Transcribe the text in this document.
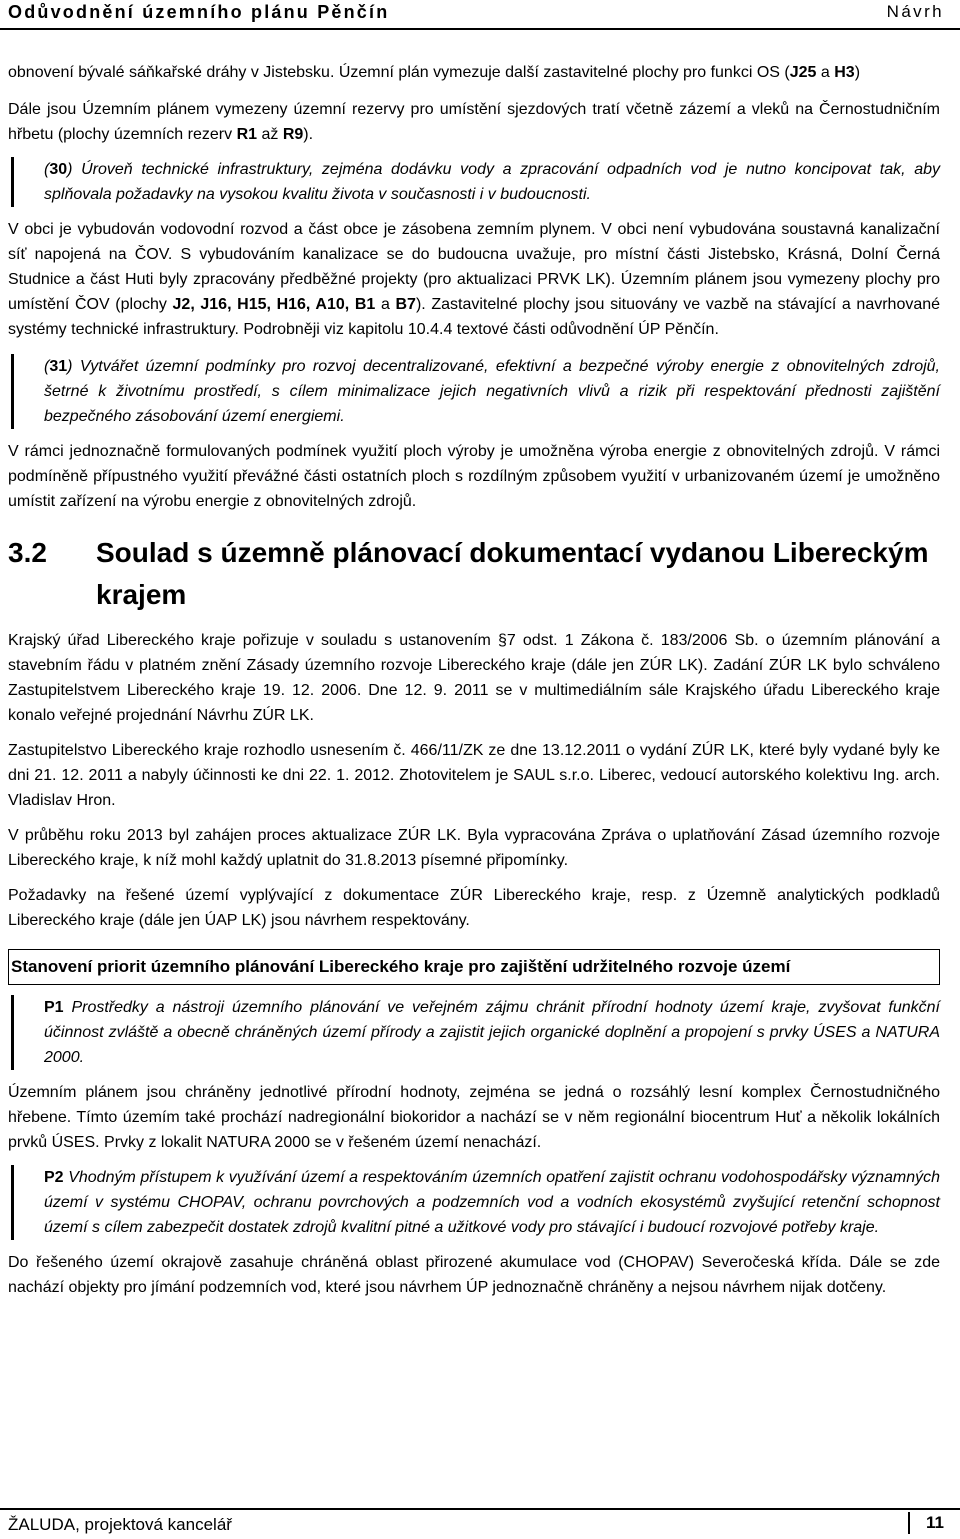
Odůvodnění územního plánu Pěnčín	Návrh

obnovení bývalé sáňkařské dráhy v Jistebsku. Územní plán vymezuje další zastavitelné plochy pro funkci OS (J25 a H3)

Dále jsou Územním plánem vymezeny územní rezervy pro umístění sjezdových tratí včetně zázemí a vleků na Černostudničním hřbetu (plochy územních rezerv R1 až R9).

(30) Úroveň technické infrastruktury, zejména dodávku vody a zpracování odpadních vod je nutno koncipovat tak, aby splňovala požadavky na vysokou kvalitu života v současnosti i v budoucnosti.

V obci je vybudován vodovodní rozvod a část obce je zásobena zemním plynem. V obci není vybudována soustavná kanalizační síť napojená na ČOV. S vybudováním kanalizace se do budoucna uvažuje, pro místní části Jistebsko, Krásná, Dolní Černá Studnice a část Huti byly zpracovány předběžné projekty (pro aktualizaci PRVK LK). Územním plánem jsou vymezeny plochy pro umístění ČOV (plochy J2, J16, H15, H16, A10, B1 a B7). Zastavitelné plochy jsou situovány ve vazbě na stávající a navrhované systémy technické infrastruktury. Podrobněji viz kapitolu 10.4.4 textové části odůvodnění ÚP Pěnčín.

(31) Vytvářet územní podmínky pro rozvoj decentralizované, efektivní a bezpečné výroby energie z obnovitelných zdrojů, šetrné k životnímu prostředí, s cílem minimalizace jejich negativních vlivů a rizik při respektování přednosti zajištění bezpečného zásobování území energiemi.

V rámci jednoznačně formulovaných podmínek využití ploch výroby je umožněna výroba energie z obnovitelných zdrojů. V rámci podmíněně přípustného využití převážné části ostatních ploch s rozdílným způsobem využití v urbanizovaném území je umožněno umístit zařízení na výrobu energie z obnovitelných zdrojů.

3.2	Soulad s územně plánovací dokumentací vydanou Libereckým krajem

Krajský úřad Libereckého kraje pořizuje v souladu s ustanovením §7 odst. 1 Zákona č. 183/2006 Sb. o územním plánování a stavebním řádu v platném znění Zásady územního rozvoje Libereckého kraje (dále jen ZÚR LK). Zadání ZÚR LK bylo schváleno Zastupitelstvem Libereckého kraje 19. 12. 2006. Dne 12. 9. 2011 se v multimediálním sále Krajského úřadu Libereckého kraje konalo veřejné projednání Návrhu ZÚR LK.

Zastupitelstvo Libereckého kraje rozhodlo usnesením č. 466/11/ZK ze dne 13.12.2011 o vydání ZÚR LK, které byly vydané byly ke dni 21. 12. 2011 a nabyly účinnosti ke dni 22. 1. 2012. Zhotovitelem je SAUL s.r.o. Liberec, vedoucí autorského kolektivu Ing. arch. Vladislav Hron.

V průběhu roku 2013 byl zahájen proces aktualizace ZÚR LK. Byla vypracována Zpráva o uplatňování Zásad územního rozvoje Libereckého kraje, k níž mohl každý uplatnit do 31.8.2013 písemné připomínky.

Požadavky na řešené území vyplývající z dokumentace ZÚR Libereckého kraje, resp. z Územně analytických podkladů Libereckého kraje (dále jen ÚAP LK) jsou návrhem respektovány.

Stanovení priorit územního plánování Libereckého kraje pro zajištění udržitelného rozvoje území
P1 Prostředky a nástroji územního plánování ve veřejném zájmu chránit přírodní hodnoty území kraje, zvyšovat funkční účinnost zvláště a obecně chráněných území přírody a zajistit jejich organické doplnění a propojení s prvky ÚSES a NATURA 2000.

Územním plánem jsou chráněny jednotlivé přírodní hodnoty, zejména se jedná o rozsáhlý lesní komplex Černostudničného hřebene. Tímto územím také prochází nadregionální biokoridor a nachází se v něm regionální biocentrum Huť a několik lokálních prvků ÚSES. Prvky z lokalit NATURA 2000 se v řešeném území nenachází.

P2 Vhodným přístupem k využívání území a respektováním územních opatření zajistit ochranu vodohospodářsky významných území v systému CHOPAV, ochranu povrchových a podzemních vod a vodních ekosystémů zvyšující retenční schopnost území s cílem zabezpečit dostatek zdrojů kvalitní pitné a užitkové vody pro stávající i budoucí rozvojové potřeby kraje.

Do řešeného území okrajově zasahuje chráněná oblast přirozené akumulace vod (CHOPAV) Severočeská křída. Dále se zde nachází objekty pro jímání podzemních vod, které jsou návrhem ÚP jednoznačně chráněny a nejsou návrhem nijak dotčeny.

ŽALUDA, projektová kancelář	11
